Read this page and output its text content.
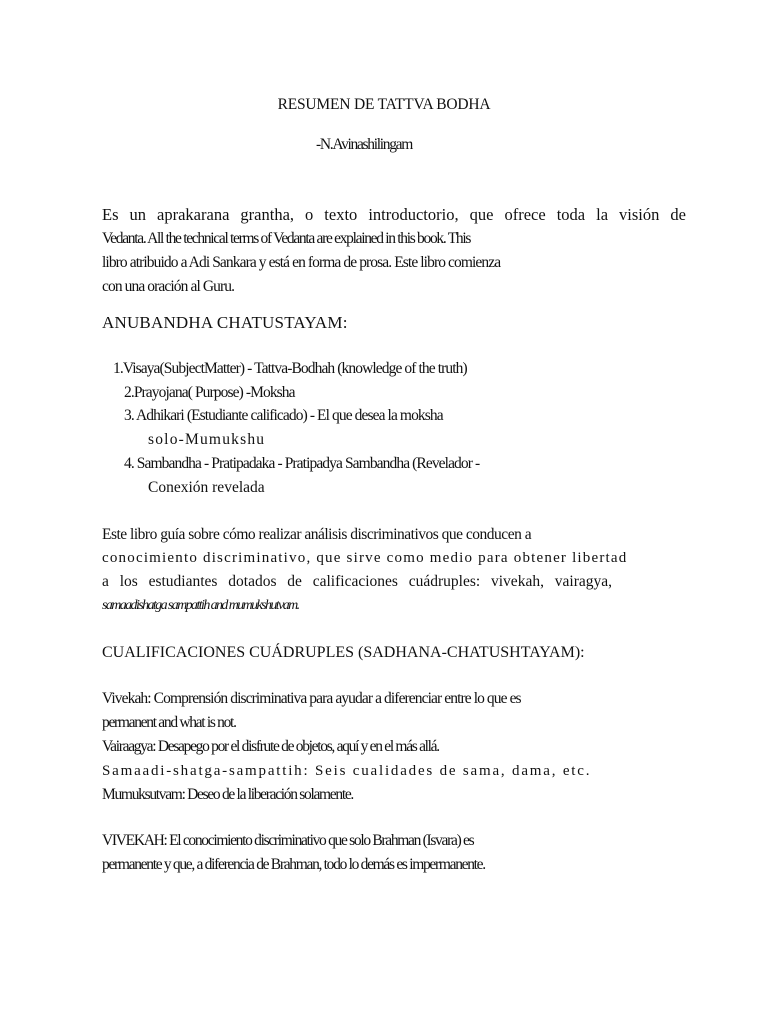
RESUMEN DE TATTVA BODHA
-N.Avinashilingam
Es un aprakarana grantha, o texto introductorio, que ofrece toda la visión de
Vedanta. All the technical terms of Vedanta are explained in this book. This
libro atribuido a Adi Sankara y está en forma de prosa. Este libro comienza
con una oración al Guru.
ANUBANDHA CHATUSTAYAM:
1.Visaya(SubjectMatter) - Tattva-Bodhah (knowledge of the truth)
2.Prayojana( Purpose) -Moksha
3. Adhikari (Estudiante calificado) - El que desea la moksha
solo-Mumukshu
4. Sambandha - Pratipadaka - Pratipadya Sambandha (Revelador -
Conexión revelada
Este libro guía sobre cómo realizar análisis discriminativos que conducen a
conocimiento discriminativo, que sirve como medio para obtener libertad
a los estudiantes dotados de calificaciones cuádruples: vivekah, vairagya,
samaadishatga sampattih and mumukshutvam.
CUALIFICACIONES CUÁDRUPLES (SADHANA-CHATUSHTAYAM):
Vivekah: Comprensión discriminativa para ayudar a diferenciar entre lo que es
permanent and what is not.
Vairaagya: Desapego por el disfrute de objetos, aquí y en el más allá.
Samaadi-shatga-sampattih: Seis cualidades de sama, dama, etc.
Mumuksutvam: Deseo de la liberación solamente.
VIVEKAH: El conocimiento discriminativo que solo Brahman (Isvara) es
permanente y que, a diferencia de Brahman, todo lo demás es impermanente.
